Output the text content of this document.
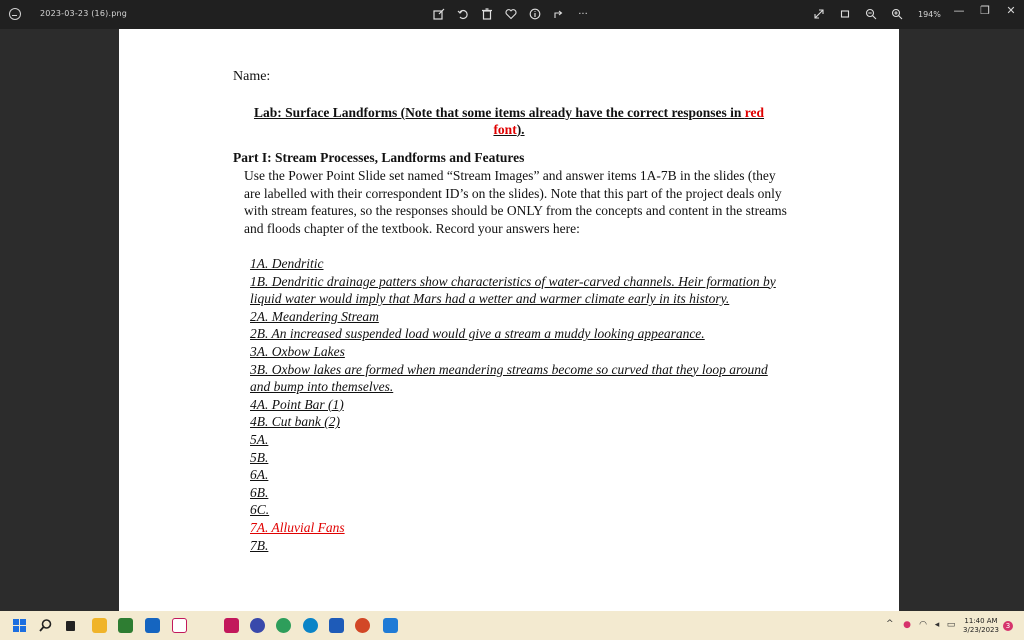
2023-03-23 (16).png	···	194%	—	❐	✕
Name:
Lab: Surface Landforms (Note that some items already have the correct responses in red font).
Part I: Stream Processes, Landforms and Features
Use the Power Point Slide set named “Stream Images” and answer items 1A-7B in the slides (they are labelled with their correspondent ID’s on the slides). Note that this part of the project deals only with stream features, so the responses should be ONLY from the concepts and content in the streams and floods chapter of the textbook. Record your answers here:
1A. Dendritic
1B. Dendritic drainage patters show characteristics of water-carved channels. Heir formation by liquid water would imply that Mars had a wetter and warmer climate early in its history.
2A. Meandering Stream
2B. An increased suspended load would give a stream a muddy looking appearance.
3A. Oxbow Lakes
3B. Oxbow lakes are formed when meandering streams become so curved that they loop around and bump into themselves.
4A. Point Bar (1)
4B. Cut bank (2)
5A.
5B.
6A.
6B.
6C.
7A. Alluvial Fans
7B.
^ ● ◠ ◂ ▭	11:40 AM
3/23/2023 3
